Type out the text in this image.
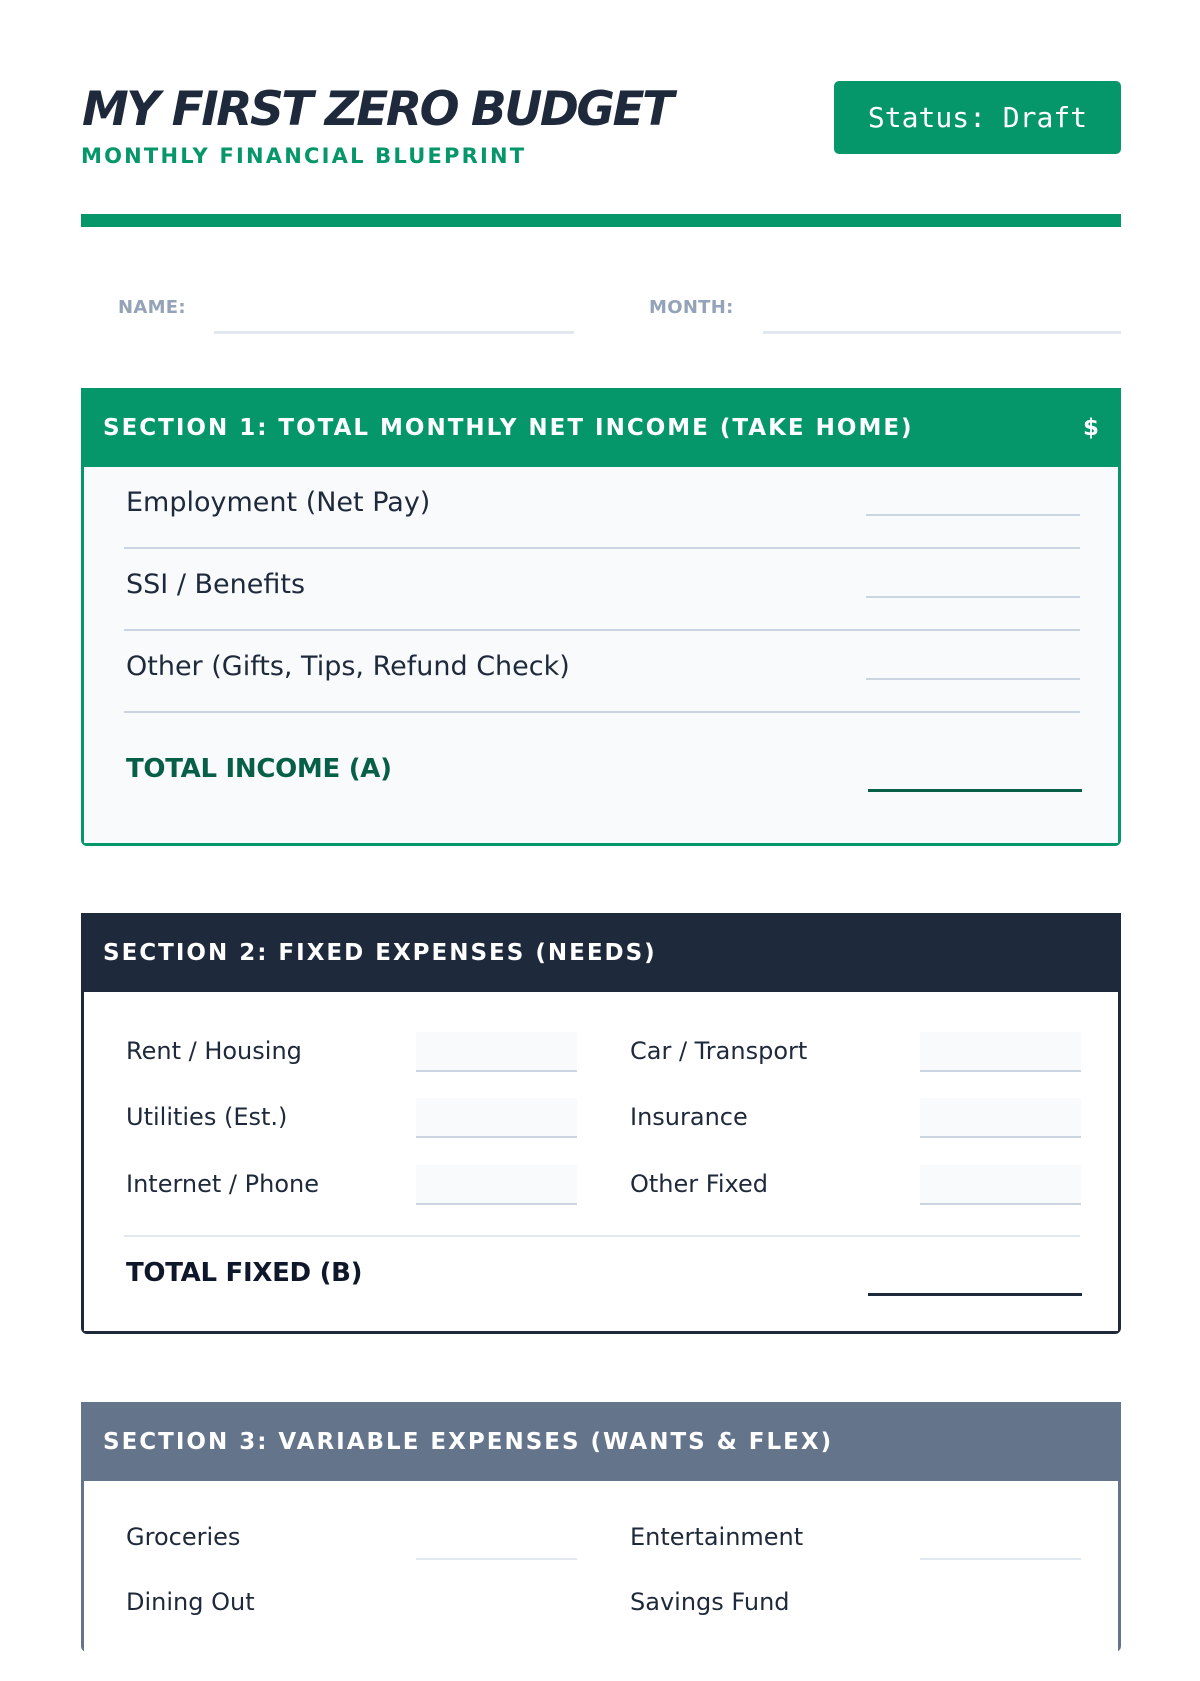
MY FIRST ZERO BUDGET
MONTHLY FINANCIAL BLUEPRINT
Status: Draft
NAME:	MONTH:
SECTION 1: TOTAL MONTHLY NET INCOME (TAKE HOME)	$
Employment (Net Pay)
SSI / Benefits
Other (Gifts, Tips, Refund Check)
TOTAL INCOME (A)
SECTION 2: FIXED EXPENSES (NEEDS)
Rent / Housing	Car / Transport
Utilities (Est.)	Insurance
Internet / Phone	Other Fixed
TOTAL FIXED (B)
SECTION 3: VARIABLE EXPENSES (WANTS & FLEX)
Groceries	Entertainment
Dining Out	Savings Fund
